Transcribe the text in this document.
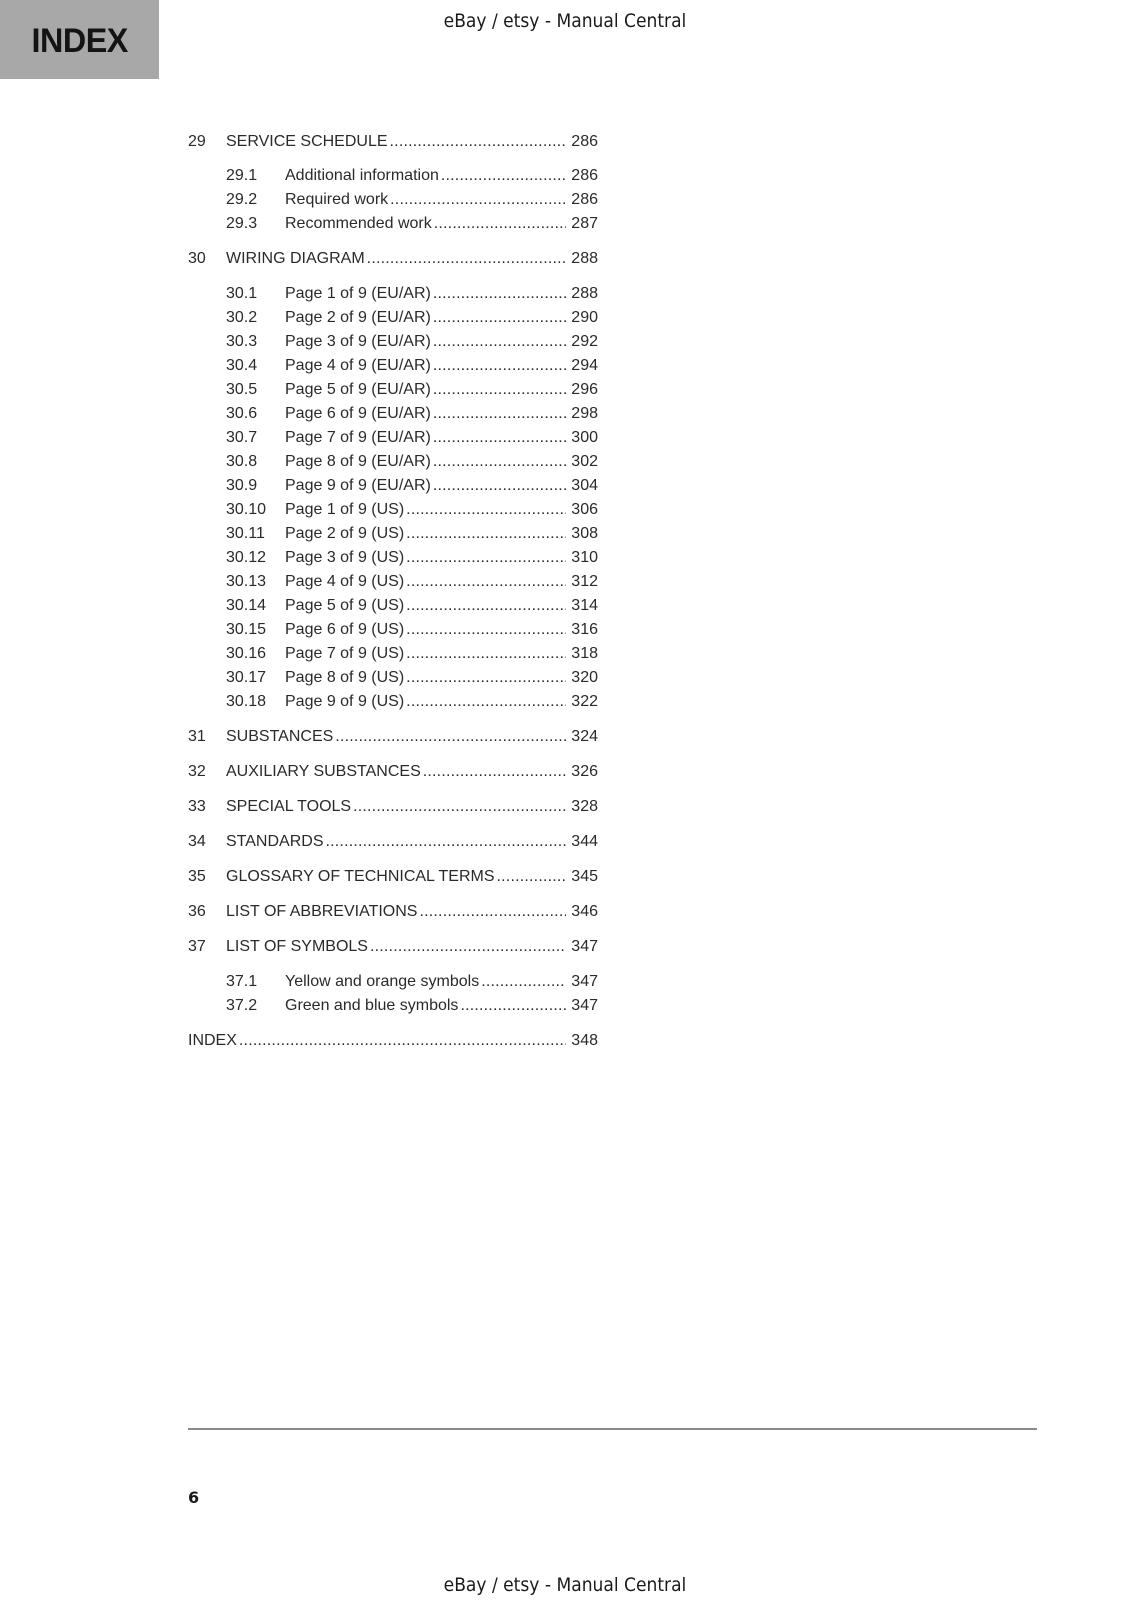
INDEX
eBay / etsy - Manual Central
29	SERVICE SCHEDULE .....	286
29.1	Additional information .....	286
29.2	Required work .....	286
29.3	Recommended work .....	287
30	WIRING DIAGRAM .....	288
30.1	Page 1 of 9 (EU/AR) .....	288
30.2	Page 2 of 9 (EU/AR) .....	290
30.3	Page 3 of 9 (EU/AR) .....	292
30.4	Page 4 of 9 (EU/AR) .....	294
30.5	Page 5 of 9 (EU/AR) .....	296
30.6	Page 6 of 9 (EU/AR) .....	298
30.7	Page 7 of 9 (EU/AR) .....	300
30.8	Page 8 of 9 (EU/AR) .....	302
30.9	Page 9 of 9 (EU/AR) .....	304
30.10	Page 1 of 9 (US) .....	306
30.11	Page 2 of 9 (US) .....	308
30.12	Page 3 of 9 (US) .....	310
30.13	Page 4 of 9 (US) .....	312
30.14	Page 5 of 9 (US) .....	314
30.15	Page 6 of 9 (US) .....	316
30.16	Page 7 of 9 (US) .....	318
30.17	Page 8 of 9 (US) .....	320
30.18	Page 9 of 9 (US) .....	322
31	SUBSTANCES .....	324
32	AUXILIARY SUBSTANCES .....	326
33	SPECIAL TOOLS .....	328
34	STANDARDS .....	344
35	GLOSSARY OF TECHNICAL TERMS .....	345
36	LIST OF ABBREVIATIONS .....	346
37	LIST OF SYMBOLS .....	347
37.1	Yellow and orange symbols .....	347
37.2	Green and blue symbols .....	347
INDEX .....	348
6
eBay / etsy - Manual Central
